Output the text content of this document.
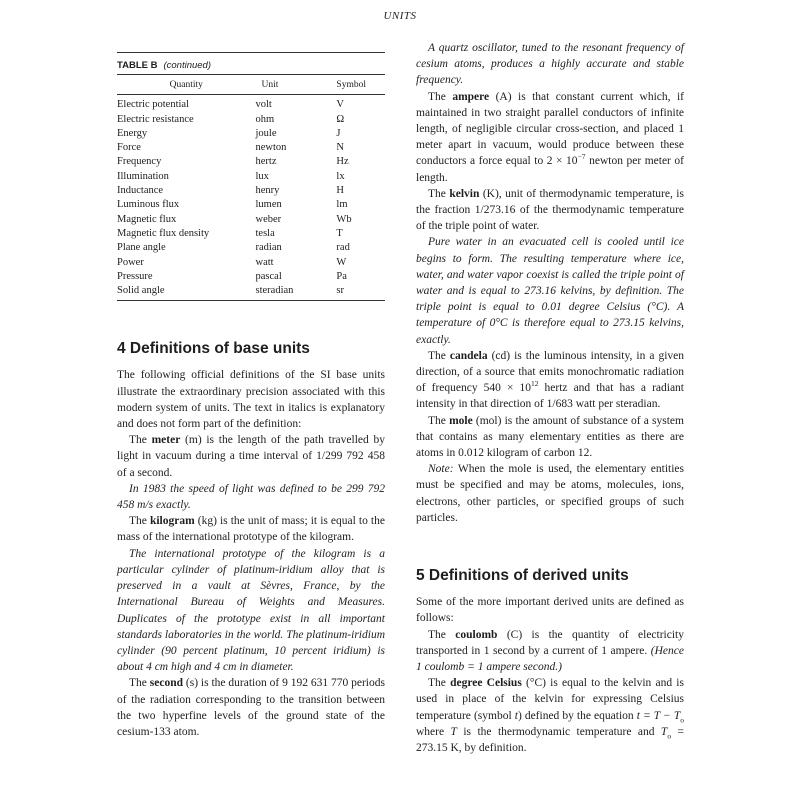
UNITS
TABLE B (continued)
Quantity	Unit	Symbol
Electric potential	volt	V
Electric resistance	ohm	Ω
Energy	joule	J
Force	newton	N
Frequency	hertz	Hz
Illumination	lux	lx
Inductance	henry	H
Luminous flux	lumen	lm
Magnetic flux	weber	Wb
Magnetic flux density	tesla	T
Plane angle	radian	rad
Power	watt	W
Pressure	pascal	Pa
Solid angle	steradian	sr
4 Definitions of base units

The following official definitions of the SI base units illustrate the extraordinary precision associated with this modern system of units. The text in italics is explanatory and does not form part of the definition:

The meter (m) is the length of the path travelled by light in vacuum during a time interval of 1/299 792 458 of a second.

In 1983 the speed of light was defined to be 299 792 458 m/s exactly.

The kilogram (kg) is the unit of mass; it is equal to the mass of the international prototype of the kilogram.

The international prototype of the kilogram is a particular cylinder of platinum-iridium alloy that is preserved in a vault at Sèvres, France, by the International Bureau of Weights and Measures. Duplicates of the prototype exist in all important standards laboratories in the world. The platinum-iridium cylinder (90 percent platinum, 10 percent iridium) is about 4 cm high and 4 cm in diameter.

The second (s) is the duration of 9 192 631 770 periods of the radiation corresponding to the transition between the two hyperfine levels of the ground state of the cesium-133 atom.

A quartz oscillator, tuned to the resonant frequency of cesium atoms, produces a highly accurate and stable frequency.

The ampere (A) is that constant current which, if maintained in two straight parallel conductors of infinite length, of negligible circular cross-section, and placed 1 meter apart in vacuum, would produce between these conductors a force equal to $2 \times 10^{-7}$ newton per meter of length.

The kelvin (K), unit of thermodynamic temperature, is the fraction 1/273.16 of the thermodynamic temperature of the triple point of water.

Pure water in an evacuated cell is cooled until ice begins to form. The resulting temperature where ice, water, and water vapor coexist is called the triple point of water and is equal to 273.16 kelvins, by definition. The triple point is equal to 0.01 degree Celsius (°C). A temperature of 0°C is therefore equal to 273.15 kelvins, exactly.

The candela (cd) is the luminous intensity, in a given direction, of a source that emits monochromatic radiation of frequency $540 \times 10^{12}$ hertz and that has a radiant intensity in that direction of 1/683 watt per steradian.

The mole (mol) is the amount of substance of a system that contains as many elementary entities as there are atoms in 0.012 kilogram of carbon 12.

Note: When the mole is used, the elementary entities must be specified and may be atoms, molecules, ions, electrons, other particles, or specified groups of such particles.

5 Definitions of derived units

Some of the more important derived units are defined as follows:

The coulomb (C) is the quantity of electricity transported in 1 second by a current of 1 ampere. (Hence 1 coulomb = 1 ampere second.)

The degree Celsius (°C) is equal to the kelvin and is used in place of the kelvin for expressing Celsius temperature (symbol t) defined by the equation $t = T - T_o$ where T is the thermodynamic temperature and $T_o = 273.15$ K, by definition.
